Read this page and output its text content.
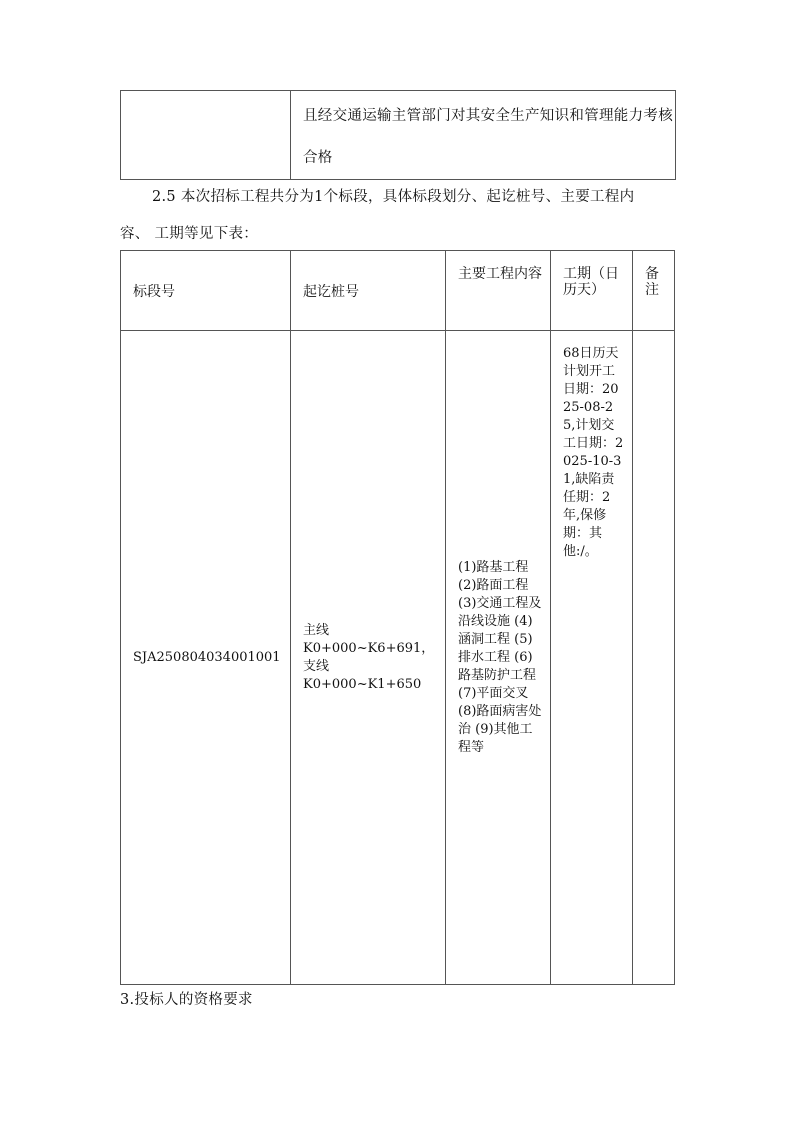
且经交通运输主管部门对其安全生产知识和管理能力考核合格
2.5 本次招标工程共分为1个标段，具体标段划分、起讫桩号、主要工程内
容、 工期等见下表：
标段号	起讫桩号	主要工程内容	工期（日历天）	备注
SJA250804034001001	主线
K0+000~K6+691，
支线
K0+000~K1+650	(1)路基工程 (2)路面工程 (3)交通工程及沿线设施 (4)涵洞工程 (5) 排水工程 (6)路基防护工程 (7)平面交叉 (8)路面病害处治 (9)其他工程等	68日历天计划开工日期：2025-08-25,计划交工日期：2025-10-31,缺陷责任期：2年,保修期：其他:/。	
3.投标人的资格要求
